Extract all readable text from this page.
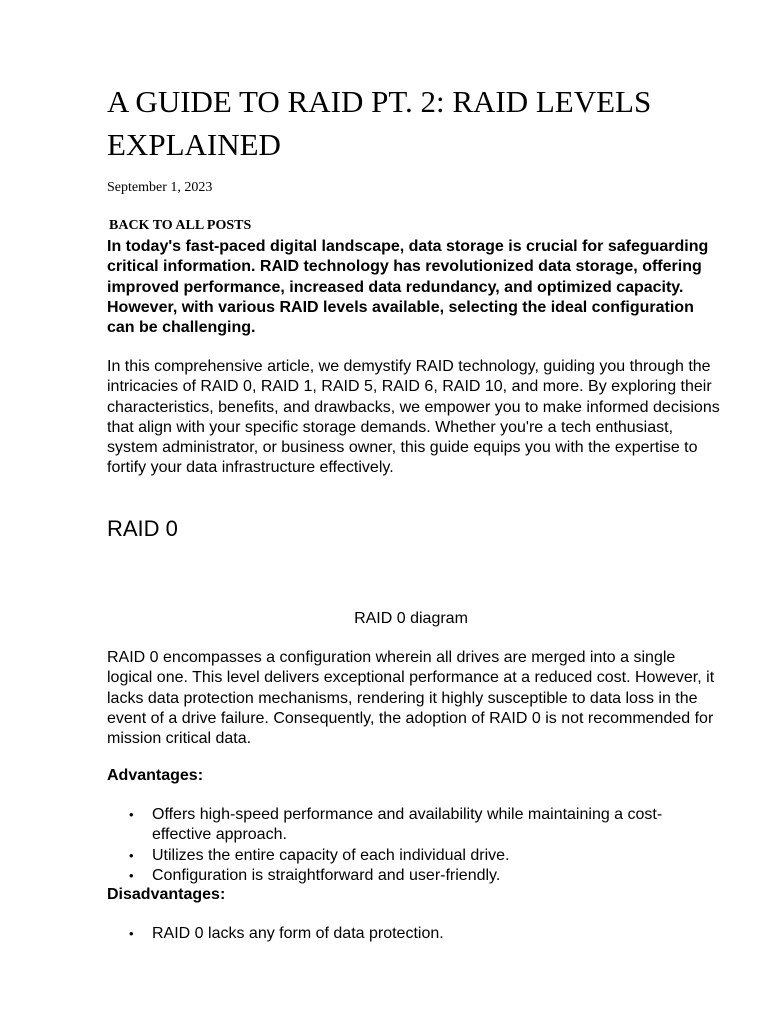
A GUIDE TO RAID PT. 2: RAID LEVELS EXPLAINED
September 1, 2023
BACK TO ALL POSTS

In today's fast-paced digital landscape, data storage is crucial for safeguarding critical information. RAID technology has revolutionized data storage, offering improved performance, increased data redundancy, and optimized capacity. However, with various RAID levels available, selecting the ideal configuration can be challenging.

In this comprehensive article, we demystify RAID technology, guiding you through the intricacies of RAID 0, RAID 1, RAID 5, RAID 6, RAID 10, and more. By exploring their characteristics, benefits, and drawbacks, we empower you to make informed decisions that align with your specific storage demands. Whether you're a tech enthusiast, system administrator, or business owner, this guide equips you with the expertise to fortify your data infrastructure effectively.

RAID 0

RAID 0 diagram

RAID 0 encompasses a configuration wherein all drives are merged into a single logical one. This level delivers exceptional performance at a reduced cost. However, it lacks data protection mechanisms, rendering it highly susceptible to data loss in the event of a drive failure. Consequently, the adoption of RAID 0 is not recommended for mission critical data.

Advantages:

• Offers high-speed performance and availability while maintaining a cost-effective approach.
• Utilizes the entire capacity of each individual drive.
• Configuration is straightforward and user-friendly.

Disadvantages:

• RAID 0 lacks any form of data protection.
